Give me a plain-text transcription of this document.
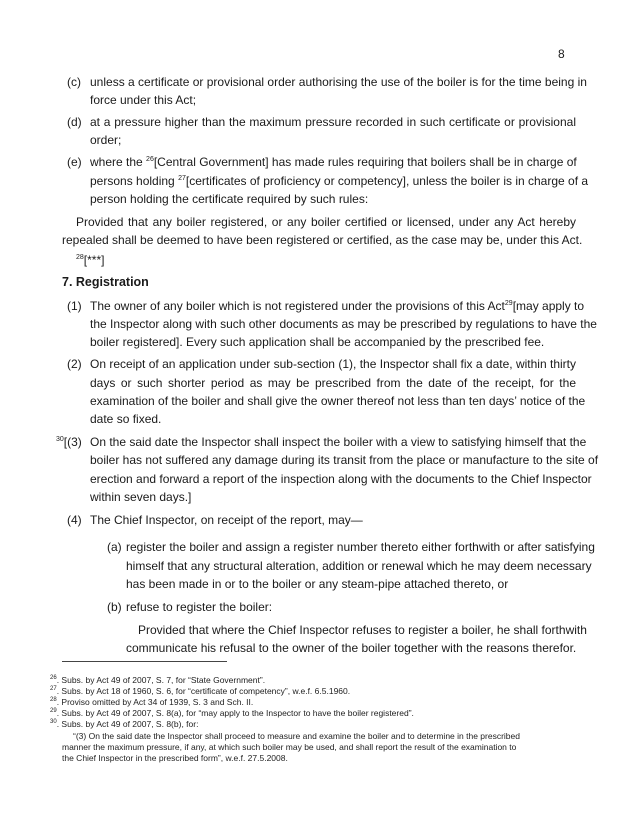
8
(c) unless a certificate or provisional order authorising the use of the boiler is for the time being in
force under this Act;
(d) at a pressure higher than the maximum pressure recorded in such certificate or provisional
order;
(e) where the $^{26}$ [Central Government] has made rules requiring that boilers shall be in charge of
persons holding $^{27}$ [certificates of proficiency or competency], unless the boiler is in charge of a
person holding the certificate required by such rules:
Provided that any boiler registered, or any boiler certified or licensed, under any Act hereby
repealed shall be deemed to have been registered or certified, as the case may be, under this Act.
$^{28}$[***]
7. Registration
(1) The owner of any boiler which is not registered under the provisions of this Act $^{29}$[may apply to
the Inspector along with such other documents as may be prescribed by regulations to have the
boiler registered]. Every such application shall be accompanied by the prescribed fee.
(2) On receipt of an application under sub-section (1), the Inspector shall fix a date, within thirty
days or such shorter period as may be prescribed from the date of the receipt, for the
examination of the boiler and shall give the owner thereof not less than ten days’ notice of the
date so fixed.
$^{30}$[(3) On the said date the Inspector shall inspect the boiler with a view to satisfying himself that the
boiler has not suffered any damage during its transit from the place or manufacture to the site of
erection and forward a report of the inspection along with the documents to the Chief Inspector
within seven days.]
(4) The Chief Inspector, on receipt of the report, may—
(a) register the boiler and assign a register number thereto either forthwith or after satisfying
himself that any structural alteration, addition or renewal which he may deem necessary
has been made in or to the boiler or any steam-pipe attached thereto, or
(b) refuse to register the boiler:
Provided that where the Chief Inspector refuses to register a boiler, he shall forthwith
communicate his refusal to the owner of the boiler together with the reasons therefor.
$^{26}$. Subs. by Act 49 of 2007, S. 7, for “State Government”.
$^{27}$. Subs. by Act 18 of 1960, S. 6, for “certificate of competency”, w.e.f. 6.5.1960.
$^{28}$. Proviso omitted by Act 34 of 1939, S. 3 and Sch. II.
$^{29}$. Subs. by Act 49 of 2007, S. 8(a), for “may apply to the Inspector to have the boiler registered”.
$^{30}$. Subs. by Act 49 of 2007, S. 8(b), for:
“(3) On the said date the Inspector shall proceed to measure and examine the boiler and to determine in the prescribed
manner the maximum pressure, if any, at which such boiler may be used, and shall report the result of the examination to
the Chief Inspector in the prescribed form”, w.e.f. 27.5.2008.
